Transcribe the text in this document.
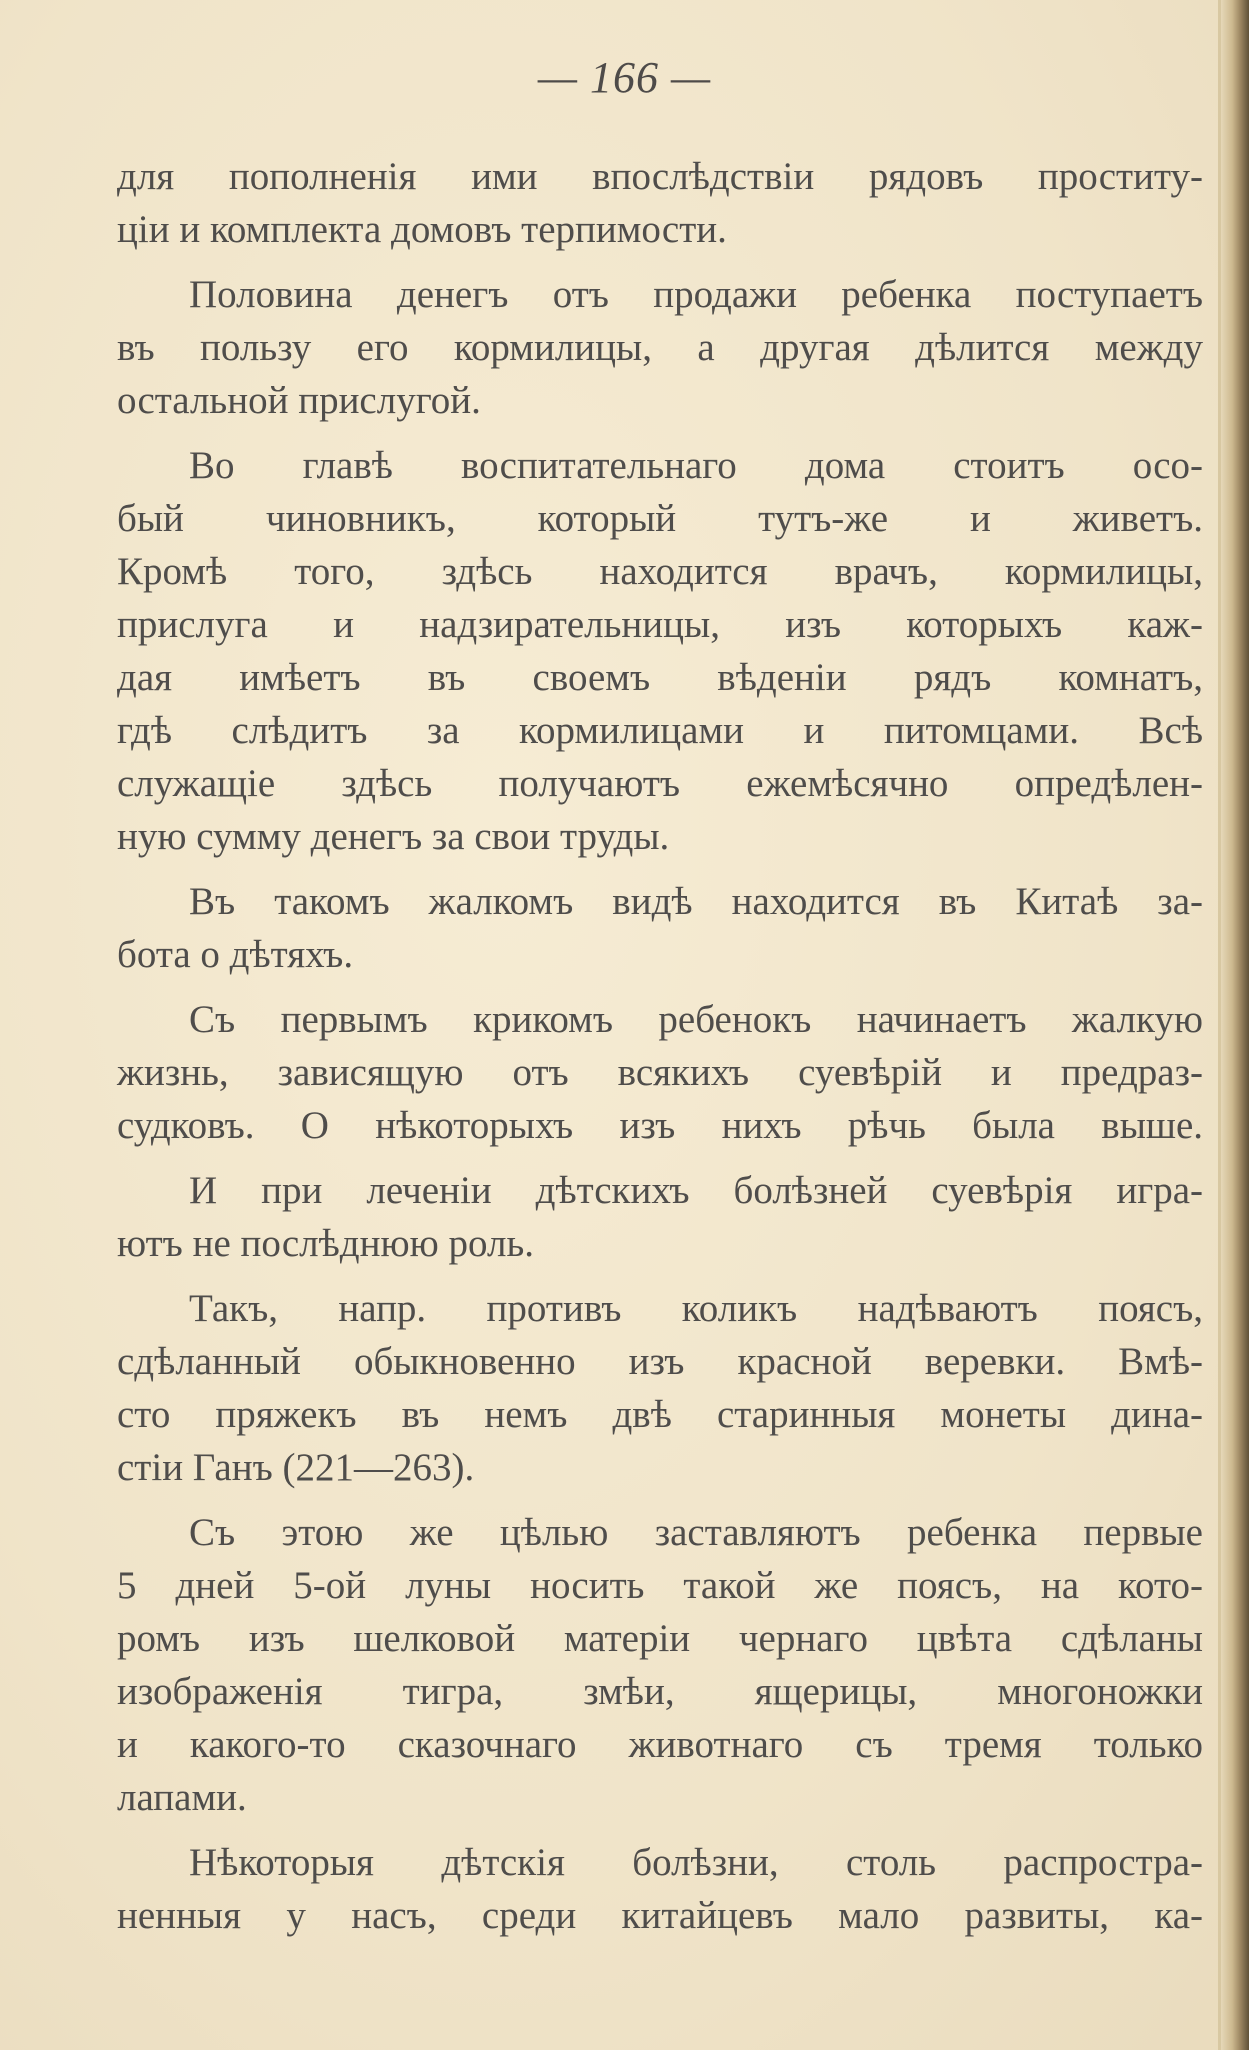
— 166 —
для пополненія ими впослѣдствіи рядовъ проститу-
ціи и комплекта домовъ терпимости.
Половина денегъ отъ продажи ребенка поступаетъ
въ пользу его кормилицы, а другая дѣлится между
остальной прислугой.
Во главѣ воспитательнаго дома стоитъ осо-
бый чиновникъ, который тутъ-же и живетъ.
Кромѣ того, здѣсь находится врачъ, кормилицы,
прислуга и надзирательницы, изъ которыхъ каж-
дая имѣетъ въ своемъ вѣденіи рядъ комнатъ,
гдѣ слѣдитъ за кормилицами и питомцами. Всѣ
служащіе здѣсь получаютъ ежемѣсячно опредѣлен-
ную сумму денегъ за свои труды.
Въ такомъ жалкомъ видѣ находится въ Китаѣ за-
бота о дѣтяхъ.
Съ первымъ крикомъ ребенокъ начинаетъ жалкую
жизнь, зависящую отъ всякихъ суевѣрій и предраз-
судковъ. О нѣкоторыхъ изъ нихъ рѣчь была выше.
И при леченіи дѣтскихъ болѣзней суевѣрія игра-
ютъ не послѣднюю роль.
Такъ, напр. противъ коликъ надѣваютъ поясъ,
сдѣланный обыкновенно изъ красной веревки. Вмѣ-
сто пряжекъ въ немъ двѣ старинныя монеты дина-
стіи Ганъ (221—263).
Съ этою же цѣлью заставляютъ ребенка первые
5 дней 5-ой луны носить такой же поясъ, на кото-
ромъ изъ шелковой матеріи чернаго цвѣта сдѣланы
изображенія тигра, змѣи, ящерицы, многоножки
и какого-то сказочнаго животнаго съ тремя только
лапами.
Нѣкоторыя дѣтскія болѣзни, столь распростра-
ненныя у насъ, среди китайцевъ мало развиты, ка-
